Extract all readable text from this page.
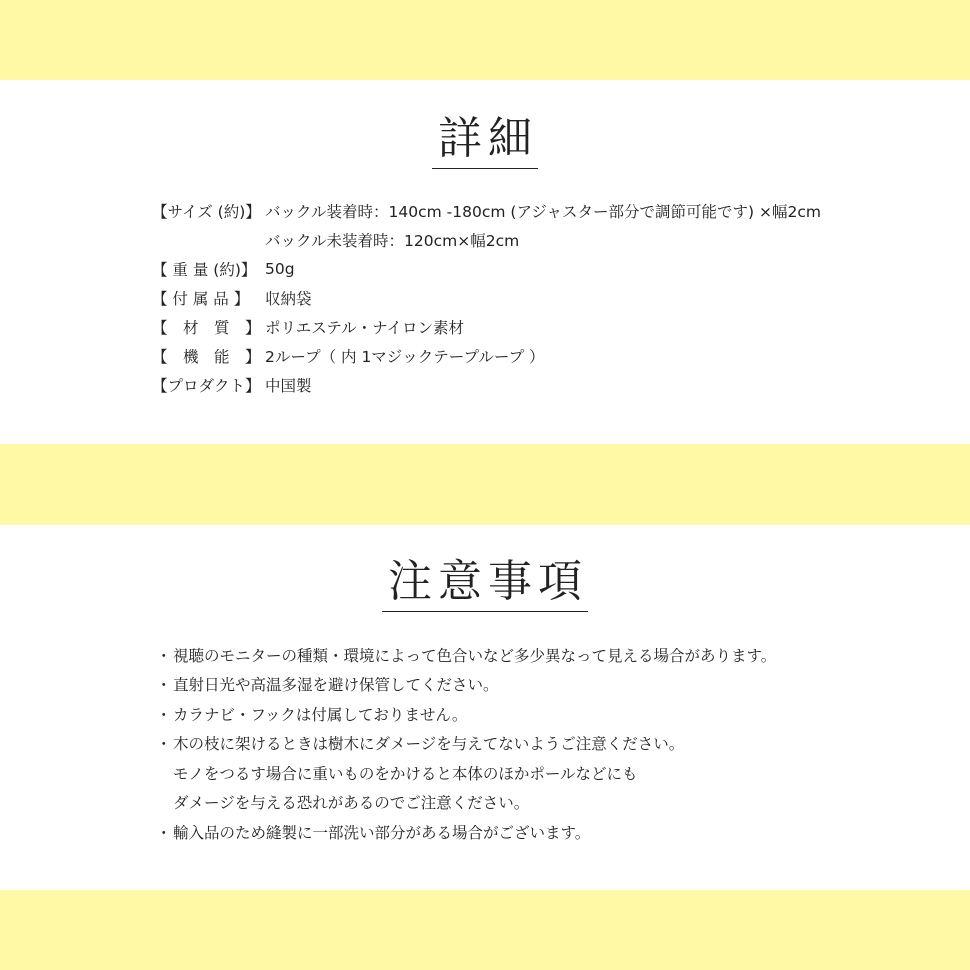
詳細
【サイズ (約)】 バックル装着時：140cm -180cm (アジャスター部分で調節可能です) ×幅2cm
バックル未装着時：120cm×幅2cm
【 重 量 (約)】 50g
【 付 属 品 】	収納袋
【　材　質　】 ポリエステル・ナイロン素材
【　機　能　】 2ループ（ 内 1マジックテープループ ）
【プロダクト】 中国製
注意事項
・ 視聴のモニターの種類・環境によって色合いなど多少異なって見える場合があります。
・ 直射日光や高温多湿を避け保管してください。
・ カラナビ・フックは付属しておりません。
・ 木の枝に架けるときは樹木にダメージを与えてないようご注意ください。
モノをつるす場合に重いものをかけると本体のほかポールなどにも
ダメージを与える恐れがあるのでご注意ください。
・ 輸入品のため縫製に一部洗い部分がある場合がございます。
